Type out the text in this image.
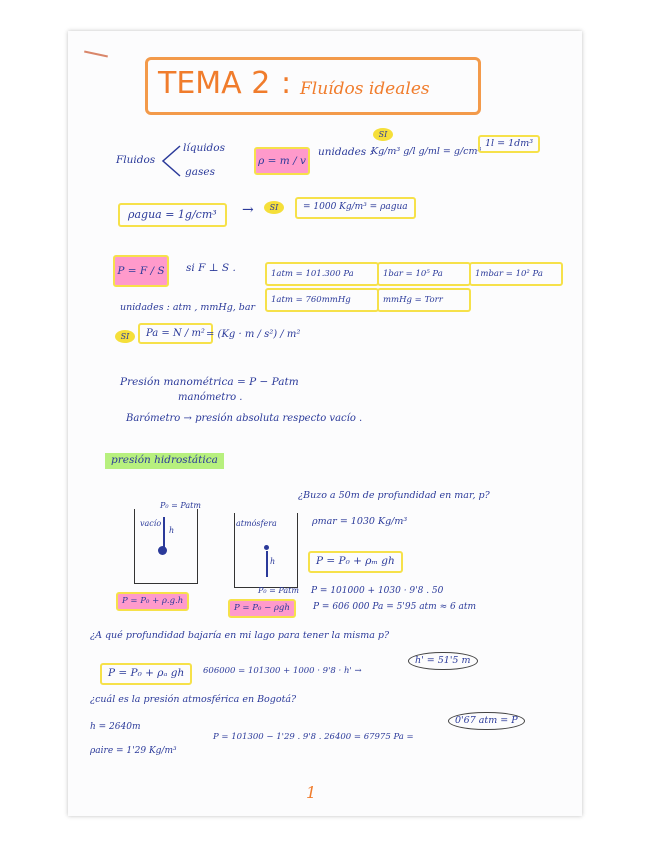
TEMA 2 : Fluídos ideales
Fluidos
líquidos
gases
ρ = m / v
unidades :
SI
Kg/m³ g/l g/ml = g/cm³
1l = 1dm³
ρagua = 1g/cm³	→	SI	= 1000 Kg/m³ = ρagua
P = F / S	si F ⊥ S .	1atm = 101.300 Pa	1bar = 10⁵ Pa	1mbar = 10² Pa
1atm = 760mmHg	mmHg = Torr
unidades : atm , mmHg, bar
SI	Pa = N / m² = (Kg · m / s²) / m²
Presión manométrica = P − Patm
manómetro .
Barómetro → presión absoluta respecto vacío .
presión hidrostática
P₀ = Patm
vacío
h
P = P₀ + ρ.g.h
atmósfera
h
P₀ = Patm
P = P₀ − ρgh
¿Buzo a 50m de profundidad en mar, p?
ρmar = 1030 Kg/m³
P = P₀ + ρₘ gh
P = 101000 + 1030 · 9'8 . 50
P = 606 000 Pa = 5'95 atm ≈ 6 atm
¿A qué profundidad bajaría en mi lago para tener la misma p?
P = P₀ + ρₐ gh	606000 = 101300 + 1000 · 9'8 · h' →
h' = 51'5 m
¿cuál es la presión atmosférica en Bogotá?
h = 2640m
ρaire = 1'29 Kg/m³
P = 101300 − 1'29 . 9'8 . 26400 = 67975 Pa =
0'67 atm = P
1
